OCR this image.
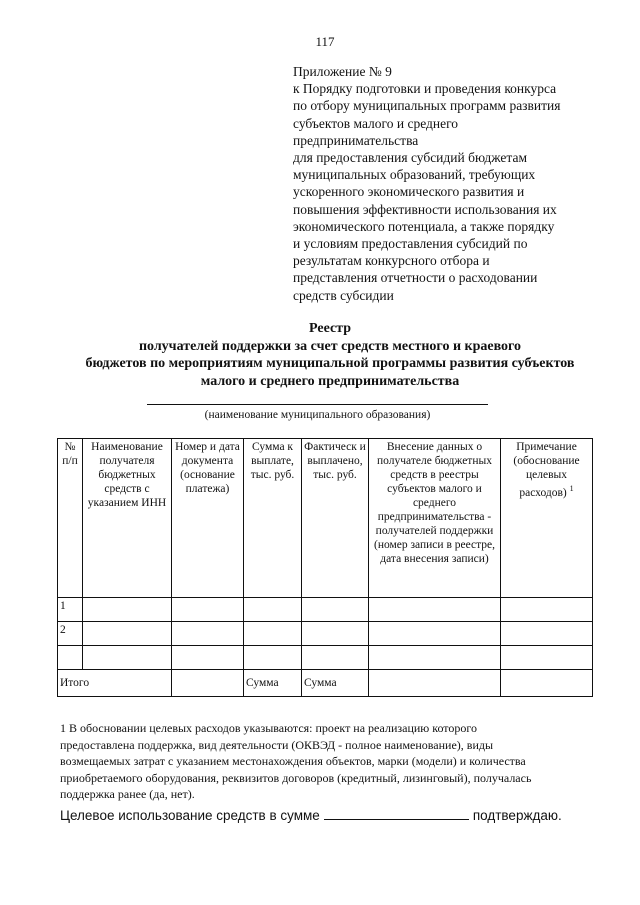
117
Приложение № 9
к Порядку подготовки и проведения конкурса
по отбору муниципальных программ развития
субъектов малого и среднего
предпринимательства
для предоставления субсидий бюджетам
муниципальных образований, требующих
ускоренного экономического развития и
повышения эффективности использования их
экономического потенциала, а также порядку
и условиям предоставления субсидий по
результатам конкурсного отбора и
представления отчетности о расходовании
средств субсидии
Реестр
получателей поддержки за счет средств местного и краевого
бюджетов по мероприятиям муниципальной программы развития субъектов
малого и среднего предпринимательства
(наименование муниципального образования)
№ п/п	Наименование получателя бюджетных средств с указанием ИНН	Номер и дата документа (основание платежа)	Сумма к выплате, тыс. руб.	Фактическ и выплачено, тыс. руб.	Внесение данных о получателе бюджетных средств в реестры субъектов малого и среднего предпринимательства - получателей поддержки (номер записи в реестре, дата внесения записи)	Примечание (обоснование целевых расходов) $^1$
1						
2						

Итого			Сумма	Сумма		
1 В обосновании целевых расходов указываются: проект на реализацию которого
предоставлена поддержка, вид деятельности (ОКВЭД - полное наименование), виды
возмещаемых затрат с указанием местонахождения объектов, марки (модели) и количества
приобретаемого оборудования, реквизитов договоров (кредитный, лизинговый), получалась
поддержка ранее (да, нет).
Целевое использование средств в сумме	подтверждаю.
